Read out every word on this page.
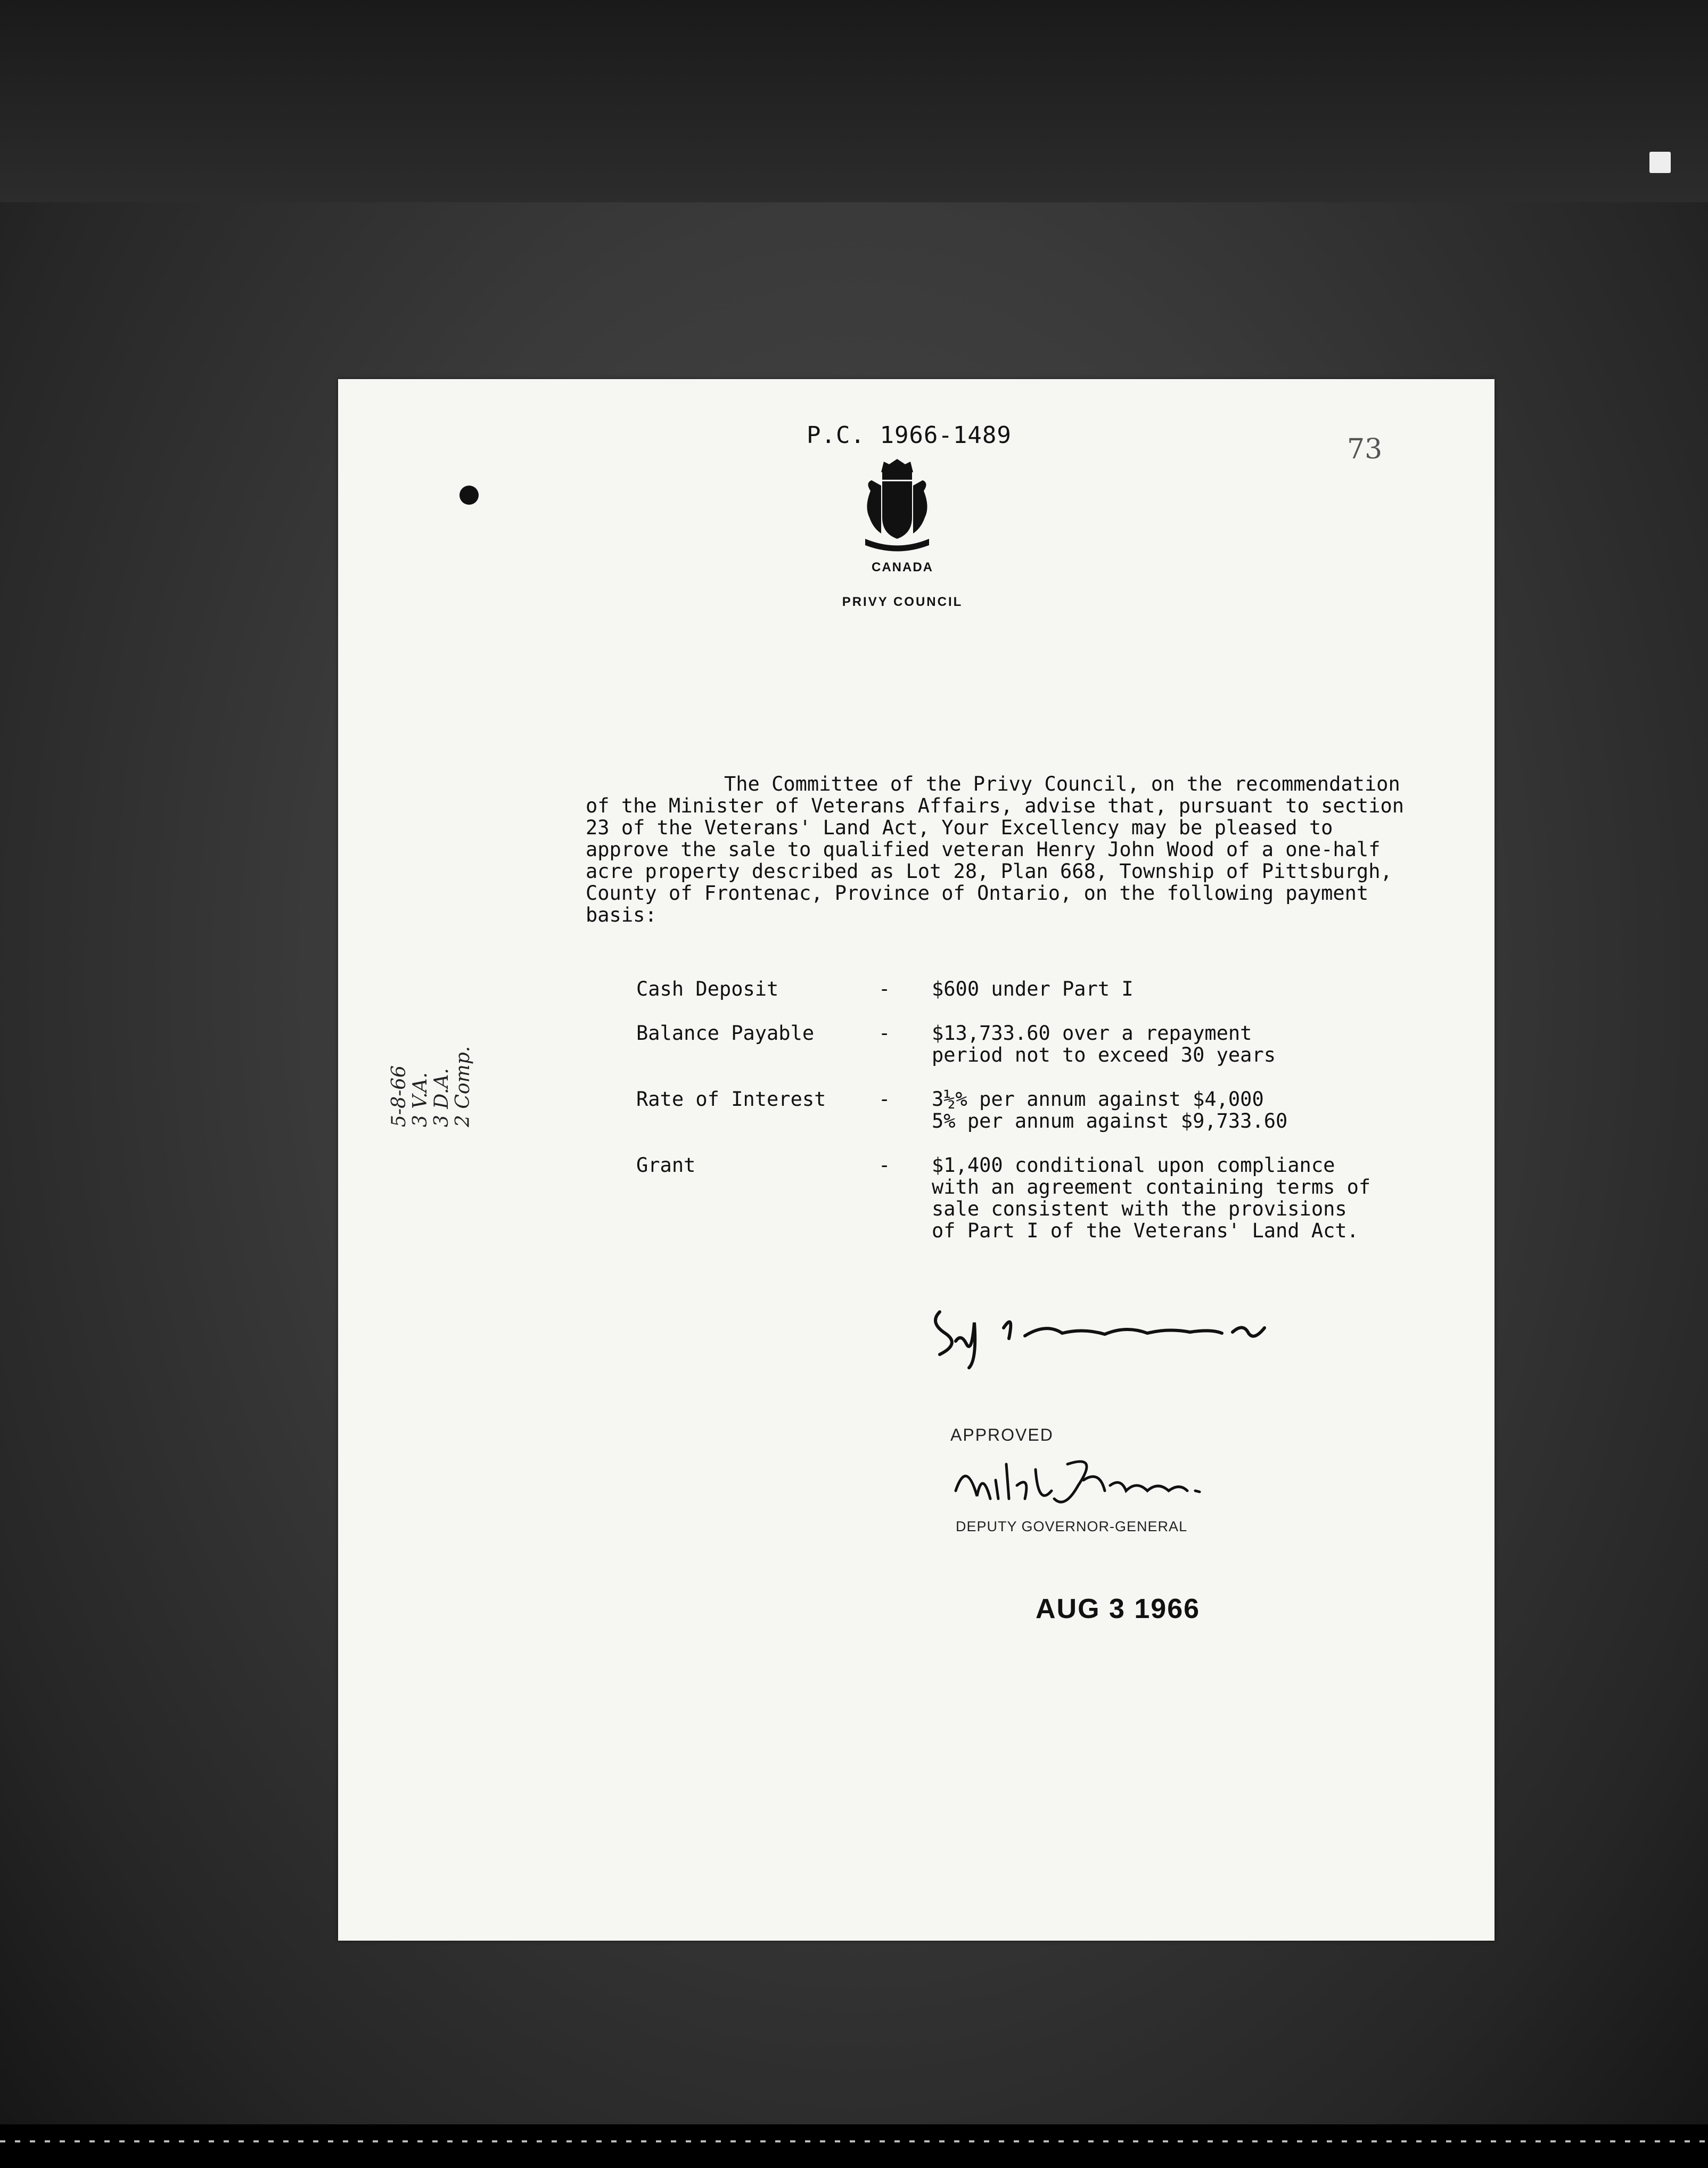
P.C. 1966-1489	73
CANADA
PRIVY COUNCIL

The Committee of the Privy Council, on the recommendation of the Minister of Veterans Affairs, advise that, pursuant to section 23 of the Veterans' Land Act, Your Excellency may be pleased to approve the sale to qualified veteran Henry John Wood of a one-half acre property described as Lot 28, Plan 668, Township of Pittsburgh, County of Frontenac, Province of Ontario, on the following payment basis:

Cash Deposit	-	$600 under Part I
Balance Payable	-	$13,733.60 over a repayment
period not to exceed 30 years
Rate of Interest	-	3½% per annum against $4,000
5% per annum against $9,733.60
Grant	-	$1,400 conditional upon compliance
with an agreement containing terms of
sale consistent with the provisions
of Part I of the Veterans' Land Act.
5-8-66 3 V.A. 3 D.A. 2 Comp.
APPROVED
DEPUTY GOVERNOR-GENERAL
AUG 3 1966
